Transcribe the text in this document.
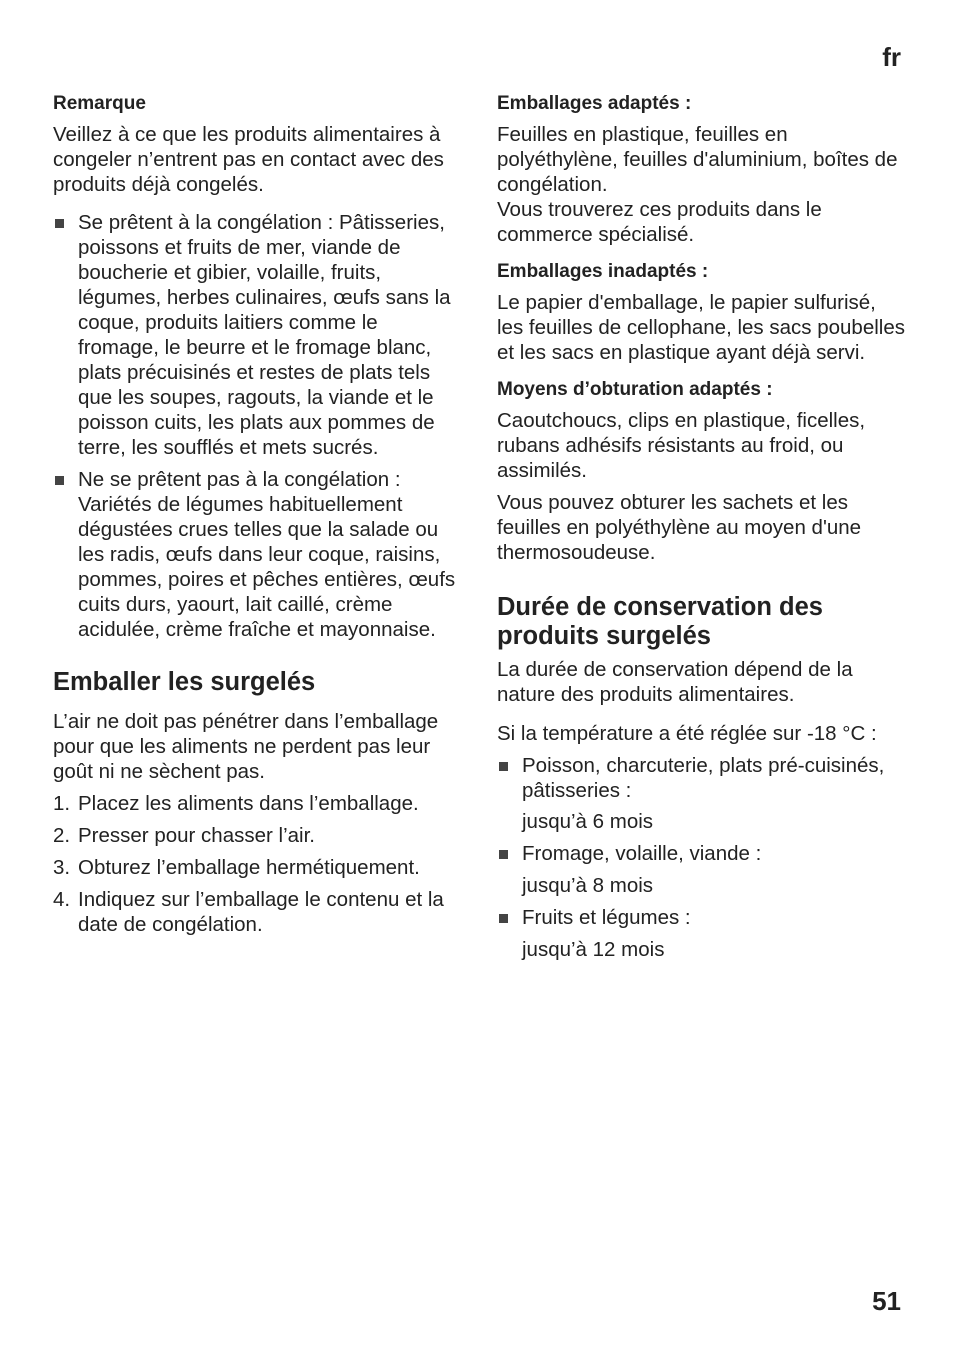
fr
Remarque

Veillez à ce que les produits alimentaires à congeler n’entrent pas en contact avec des produits déjà congelés.

Se prêtent à la congélation : Pâtisseries, poissons et fruits de mer, viande de boucherie et gibier, volaille, fruits, légumes, herbes culinaires, œufs sans la coque, produits laitiers comme le fromage, le beurre et le fromage blanc, plats précuisinés et restes de plats tels que les soupes, ragouts, la viande et le poisson cuits, les plats aux pommes de terre, les soufflés et mets sucrés.
Ne se prêtent pas à la congélation : Variétés de légumes habituellement dégustées crues telles que la salade ou les radis, œufs dans leur coque, raisins, pommes, poires et pêches entières, œufs cuits durs, yaourt, lait caillé, crème acidulée, crème fraîche et mayonnaise.
Emballer les surgelés

L’air ne doit pas pénétrer dans l’emballage pour que les aliments ne perdent pas leur goût ni ne sèchent pas.

1. Placez les aliments dans l’emballage.
2. Presser pour chasser l’air.
3. Obturez l’emballage hermétiquement.
4. Indiquez sur l’emballage le contenu et la date de congélation.
Emballages adaptés :

Feuilles en plastique, feuilles en polyéthylène, feuilles d'aluminium, boîtes de congélation.

Vous trouverez ces produits dans le commerce spécialisé.

Emballages inadaptés :

Le papier d'emballage, le papier sulfurisé, les feuilles de cellophane, les sacs poubelles et les sacs en plastique ayant déjà servi.

Moyens d’obturation adaptés :

Caoutchoucs, clips en plastique, ficelles, rubans adhésifs résistants au froid, ou assimilés.

Vous pouvez obturer les sachets et les feuilles en polyéthylène au moyen d'une thermosoudeuse.

Durée de conservation des produits surgelés

La durée de conservation dépend de la nature des produits alimentaires.

Si la température a été réglée sur -18 °C :

Poisson, charcuterie, plats pré-cuisinés, pâtisseries :
jusqu’à 6 mois
Fromage, volaille, viande :
jusqu’à 8 mois
Fruits et légumes :
jusqu’à 12 mois
51
